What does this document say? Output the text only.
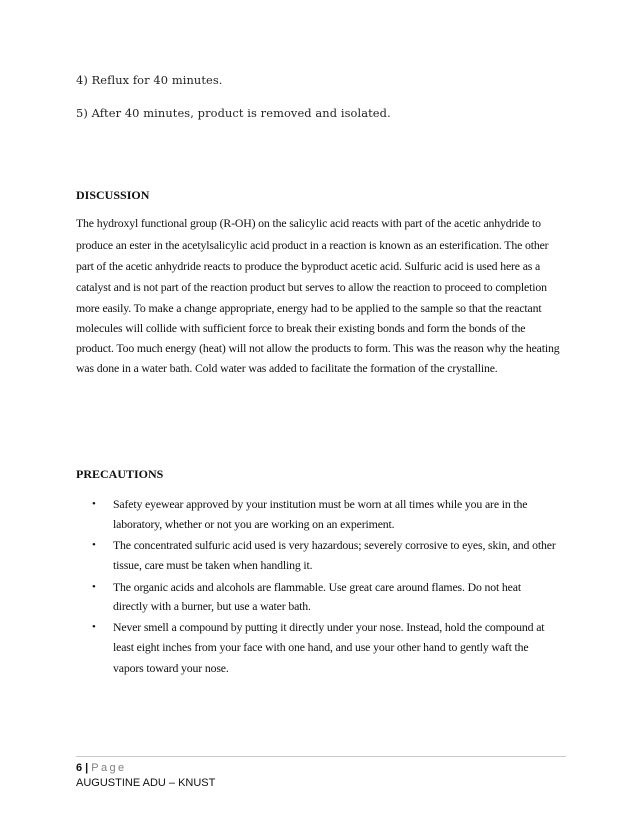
4) Reflux for 40 minutes.
5) After 40 minutes, product is removed and isolated.
DISCUSSION
The hydroxyl functional group (R-OH) on the salicylic acid reacts with part of the acetic anhydride to
produce an ester in the acetylsalicylic acid product in a reaction is known as an esterification. The other
part of the acetic anhydride reacts to produce the byproduct acetic acid. Sulfuric acid is used here as a
catalyst and is not part of the reaction product but serves to allow the reaction to proceed to completion
more easily. To make a change appropriate, energy had to be applied to the sample so that the reactant
molecules will collide with sufficient force to break their existing bonds and form the bonds of the
product. Too much energy (heat) will not allow the products to form. This was the reason why the heating
was done in a water bath. Cold water was added to facilitate the formation of the crystalline.
PRECAUTIONS
• Safety eyewear approved by your institution must be worn at all times while you are in the
laboratory, whether or not you are working on an experiment.
• The concentrated sulfuric acid used is very hazardous; severely corrosive to eyes, skin, and other
tissue, care must be taken when handling it.
• The organic acids and alcohols are flammable. Use great care around flames. Do not heat
directly with a burner, but use a water bath.
• Never smell a compound by putting it directly under your nose. Instead, hold the compound at
least eight inches from your face with one hand, and use your other hand to gently waft the
vapors toward your nose.
6 | Page
AUGUSTINE ADU – KNUST
